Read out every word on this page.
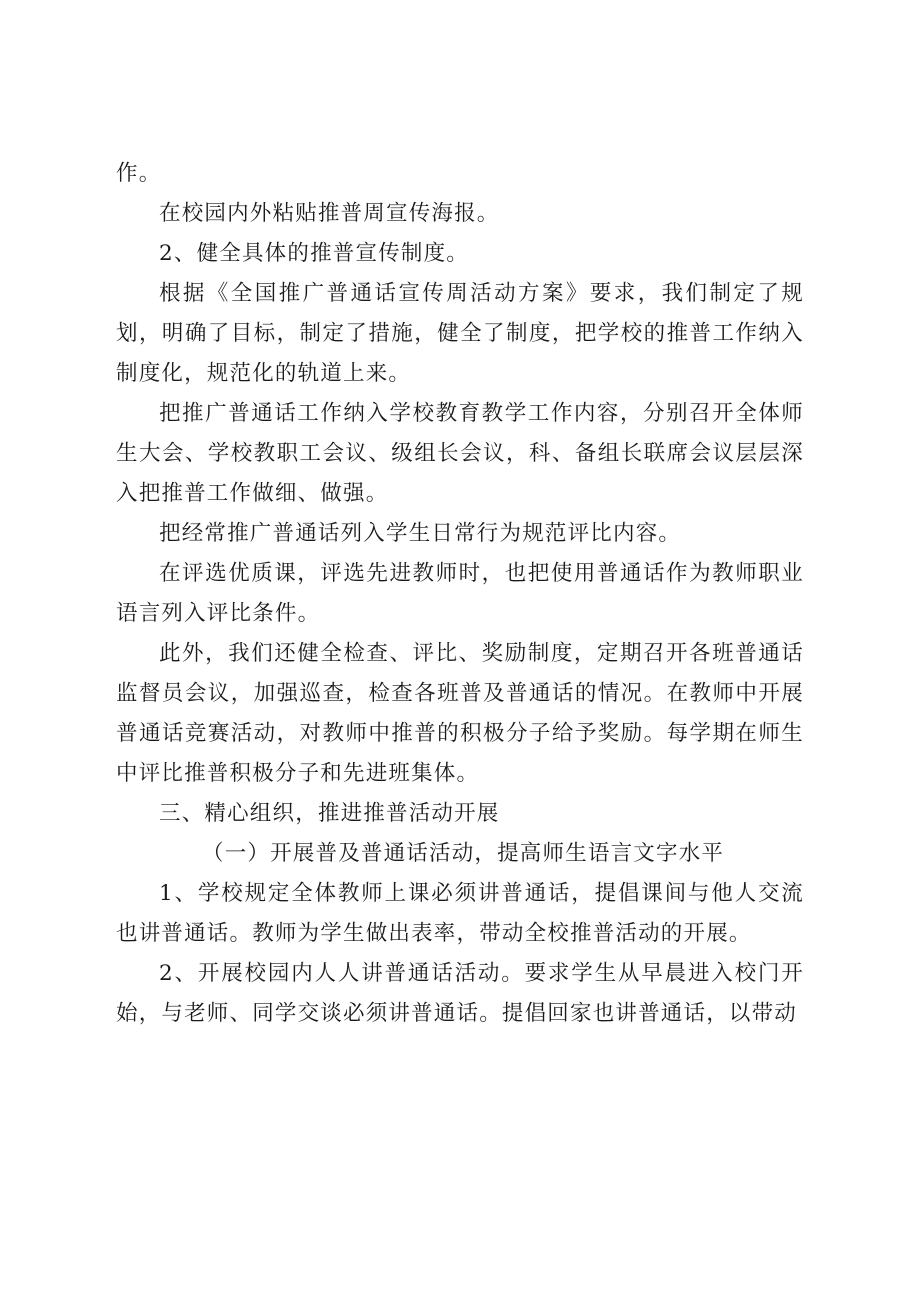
作。

在校园内外粘贴推普周宣传海报。

2、健全具体的推普宣传制度。

根据《全国推广普通话宣传周活动方案》要求，我们制定了规划，明确了目标，制定了措施，健全了制度，把学校的推普工作纳入制度化，规范化的轨道上来。

把推广普通话工作纳入学校教育教学工作内容，分别召开全体师生大会、学校教职工会议、级组长会议，科、备组长联席会议层层深入把推普工作做细、做强。

把经常推广普通话列入学生日常行为规范评比内容。

在评选优质课，评选先进教师时，也把使用普通话作为教师职业语言列入评比条件。

此外，我们还健全检查、评比、奖励制度，定期召开各班普通话监督员会议，加强巡查，检查各班普及普通话的情况。在教师中开展普通话竞赛活动，对教师中推普的积极分子给予奖励。每学期在师生中评比推普积极分子和先进班集体。

三、精心组织，推进推普活动开展

（一）开展普及普通话活动，提高师生语言文字水平

1、学校规定全体教师上课必须讲普通话，提倡课间与他人交流也讲普通话。教师为学生做出表率，带动全校推普活动的开展。

2、开展校园内人人讲普通话活动。要求学生从早晨进入校门开始，与老师、同学交谈必须讲普通话。提倡回家也讲普通话，以带动
